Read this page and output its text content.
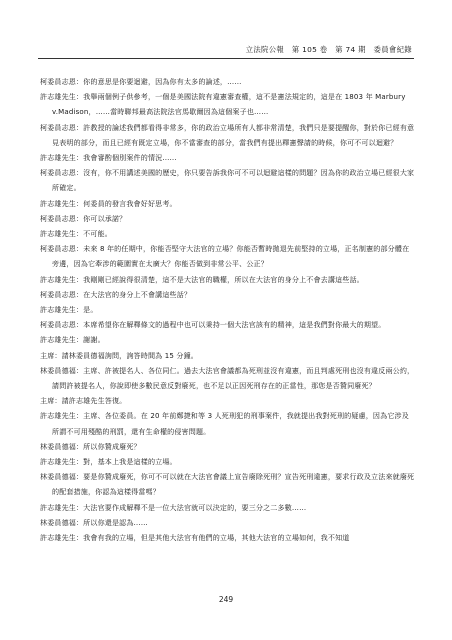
立法院公報　第 105 卷　第 74 期　委員會紀錄

柯委員志恩：你的意思是你要迴避，因為你有太多的論述，……

許志雄先生：我舉兩個例子供參考，一個是美國法院有違憲審查權，這不是憲法規定的，這是在 1803 年 Marbury v.Madison，……當時聯邦最高法院法官馬歇爾因為這個案子也……

柯委員志恩：許教授的論述我們都看得非常多，你的政治立場所有人都非常清楚，我們只是要提醒你，對於你已經有意見表明的部分，而且已經有既定立場，你不當審查的部分，當我們有提出釋憲聲請的時候，你可不可以迴避？

許志雄先生：我會審酌個別案件的情況……

柯委員志恩：沒有，你不用講述美國的歷史，你只要告訴我你可不可以迴避這樣的問題？因為你的政治立場已經很大家所確定。

許志雄先生：何委員的發言我會好好思考。

柯委員志恩：你可以承諾？

許志雄先生：不可能。

柯委員志恩：未來 8 年的任期中，你能否堅守大法官的立場？你能否暫時拋退先前堅持的立場，正名制憲的部分體在旁邊，因為它牽涉的範圍實在太廣大？你能否做到非常公平、公正？

許志雄先生：我剛剛已經說得很清楚，這不是大法官的職權，所以在大法官的身分上不會去講這些話。

柯委員志恩：在大法官的身分上不會講這些話？

許志雄先生：是。

柯委員志恩：本席希望你在解釋條文的過程中也可以秉持一個大法官該有的精神，這是我們對你最大的期望。

許志雄先生：謝謝。

主席：請林委員德福詢問，詢答時間為 15 分鐘。

林委員德福：主席、許被提名人、各位同仁。過去大法官會議都為死刑並沒有違憲，而且判處死刑也沒有違反兩公約，請問許被提名人，你說即使多數民意反對廢死，也不足以正因死刑存在的正當性，那您是否贊同廢死？

主席：請許志雄先生答復。

許志雄先生：主席、各位委員。在 20 年前鄭捷和等 3 人死刑犯的刑事案件，我就提出我對死刑的疑慮，因為它涉及所謂不可用殘酷的刑罰，還有生命權的侵害問題。

林委員德福：所以你贊成廢死？

許志雄先生：對，基本上我是這樣的立場。

林委員德福：要是你贊成廢死，你可不可以就在大法官會議上宣告廢除死刑？宣告死刑違憲，要求行政及立法來就廢死的配套措施，你認為這樣得當嗎？

許志雄先生：大法官要作成解釋不是一位大法官就可以決定的，要三分之二多數……

林委員德福：所以你還是認為……

許志雄先生：我會有我的立場，但是其他大法官有他們的立場，其他大法官的立場如何，我不知道

249
